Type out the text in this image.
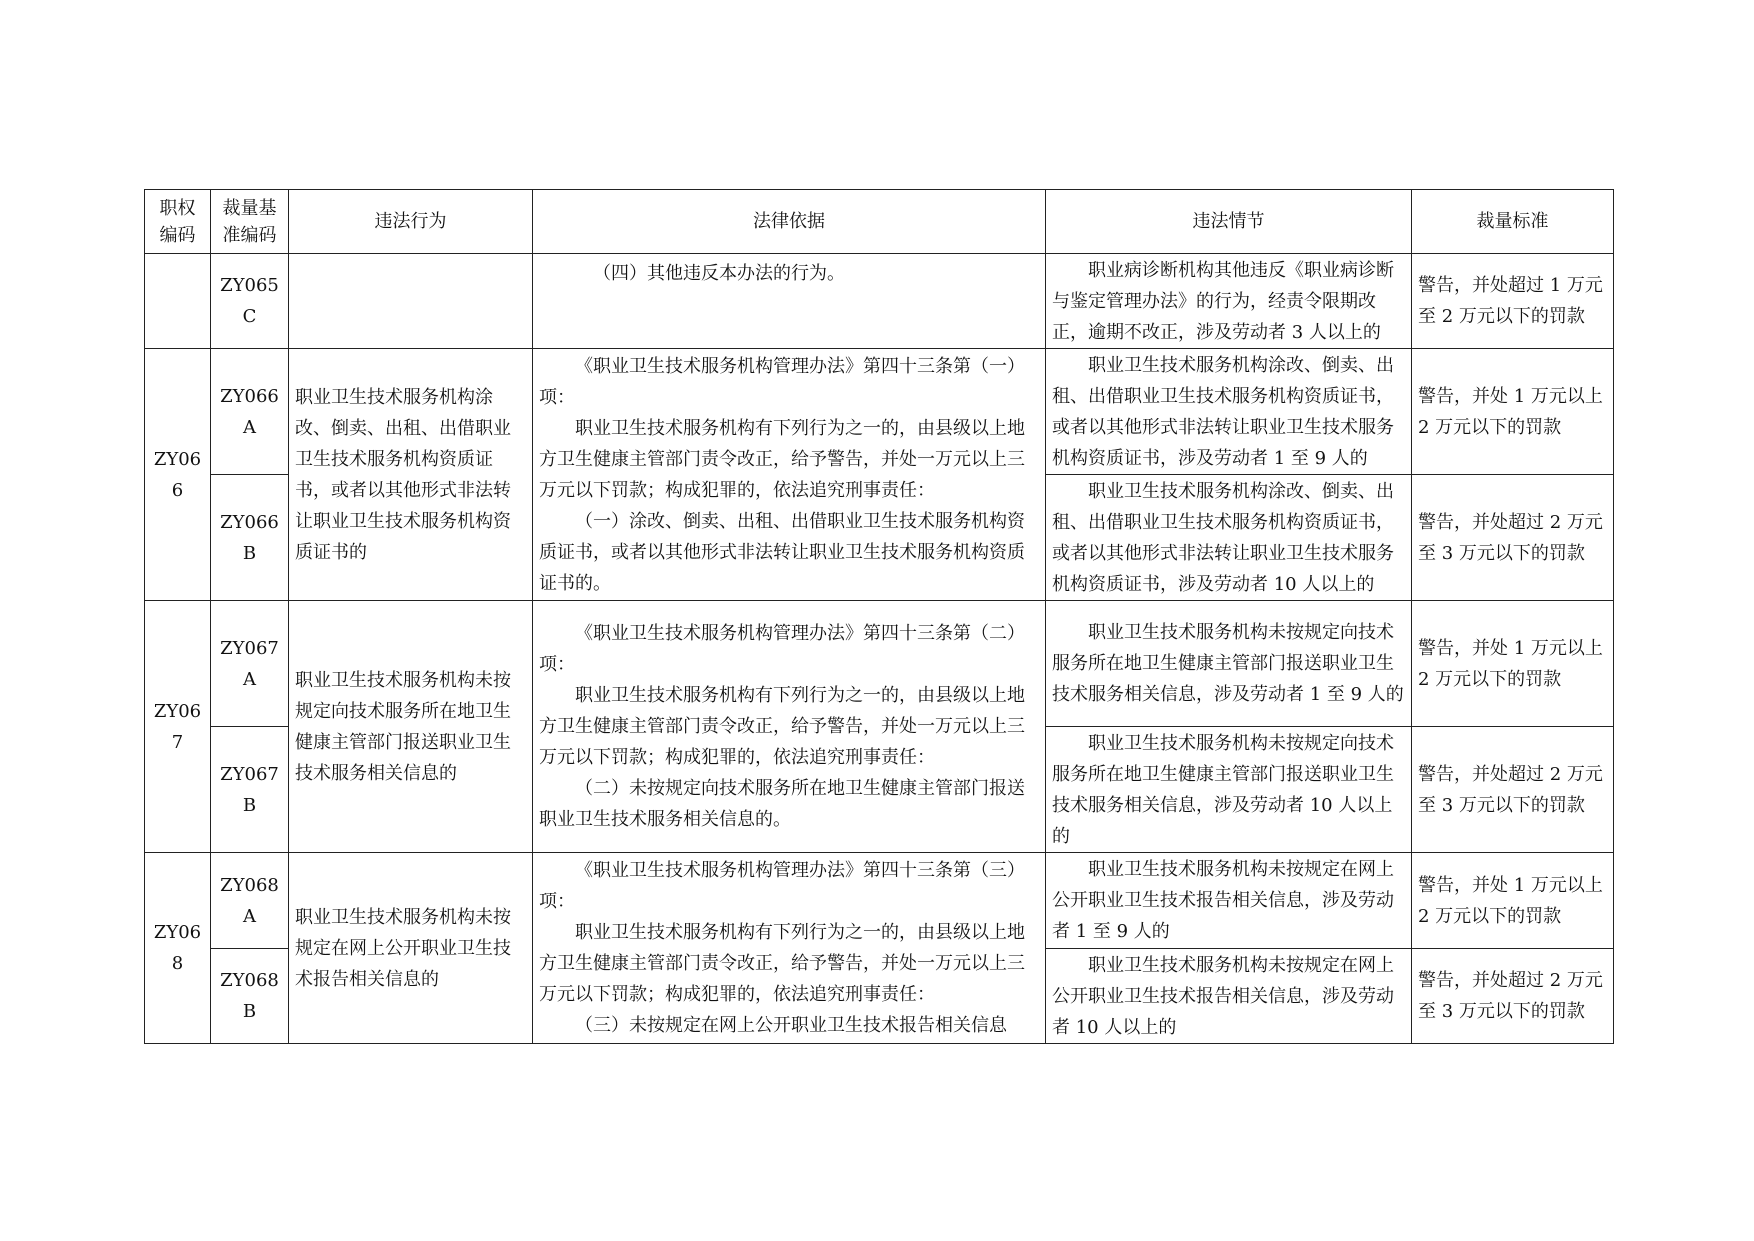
职权编码	裁量基准编码	违法行为	法律依据	违法情节	裁量标准
	ZY065C		（四）其他违反本办法的行为。	职业病诊断机构其他违反《职业病诊断与鉴定管理办法》的行为，经责令限期改正，逾期不改正，涉及劳动者 3 人以上的	警告，并处超过 1 万元至 2 万元以下的罚款
ZY066	ZY066A	职业卫生技术服务机构涂改、倒卖、出租、出借职业卫生技术服务机构资质证书，或者以其他形式非法转让职业卫生技术服务机构资质证书的	《职业卫生技术服务机构管理办法》第四十三条第（一）项：
职业卫生技术服务机构有下列行为之一的，由县级以上地方卫生健康主管部门责令改正，给予警告，并处一万元以上三万元以下罚款；构成犯罪的，依法追究刑事责任：
（一）涂改、倒卖、出租、出借职业卫生技术服务机构资质证书，或者以其他形式非法转让职业卫生技术服务机构资质证书的。	职业卫生技术服务机构涂改、倒卖、出租、出借职业卫生技术服务机构资质证书，或者以其他形式非法转让职业卫生技术服务机构资质证书，涉及劳动者 1 至 9 人的	警告，并处 1 万元以上 2 万元以下的罚款
	ZY066B			职业卫生技术服务机构涂改、倒卖、出租、出借职业卫生技术服务机构资质证书，或者以其他形式非法转让职业卫生技术服务机构资质证书，涉及劳动者 10 人以上的	警告，并处超过 2 万元至 3 万元以下的罚款
ZY067	ZY067A	职业卫生技术服务机构未按规定向技术服务所在地卫生健康主管部门报送职业卫生技术服务相关信息的	《职业卫生技术服务机构管理办法》第四十三条第（二）项：
职业卫生技术服务机构有下列行为之一的，由县级以上地方卫生健康主管部门责令改正，给予警告，并处一万元以上三万元以下罚款；构成犯罪的，依法追究刑事责任：
（二）未按规定向技术服务所在地卫生健康主管部门报送职业卫生技术服务相关信息的。	职业卫生技术服务机构未按规定向技术服务所在地卫生健康主管部门报送职业卫生技术服务相关信息，涉及劳动者 1 至 9 人的	警告，并处 1 万元以上 2 万元以下的罚款
	ZY067B			职业卫生技术服务机构未按规定向技术服务所在地卫生健康主管部门报送职业卫生技术服务相关信息，涉及劳动者 10 人以上的	警告，并处超过 2 万元至 3 万元以下的罚款
ZY068	ZY068A	职业卫生技术服务机构未按规定在网上公开职业卫生技术报告相关信息的	《职业卫生技术服务机构管理办法》第四十三条第（三）项：
职业卫生技术服务机构有下列行为之一的，由县级以上地方卫生健康主管部门责令改正，给予警告，并处一万元以上三万元以下罚款；构成犯罪的，依法追究刑事责任：
（三）未按规定在网上公开职业卫生技术报告相关信息	职业卫生技术服务机构未按规定在网上公开职业卫生技术报告相关信息，涉及劳动者 1 至 9 人的	警告，并处 1 万元以上 2 万元以下的罚款
	ZY068B			职业卫生技术服务机构未按规定在网上公开职业卫生技术报告相关信息，涉及劳动者 10 人以上的	警告，并处超过 2 万元至 3 万元以下的罚款
